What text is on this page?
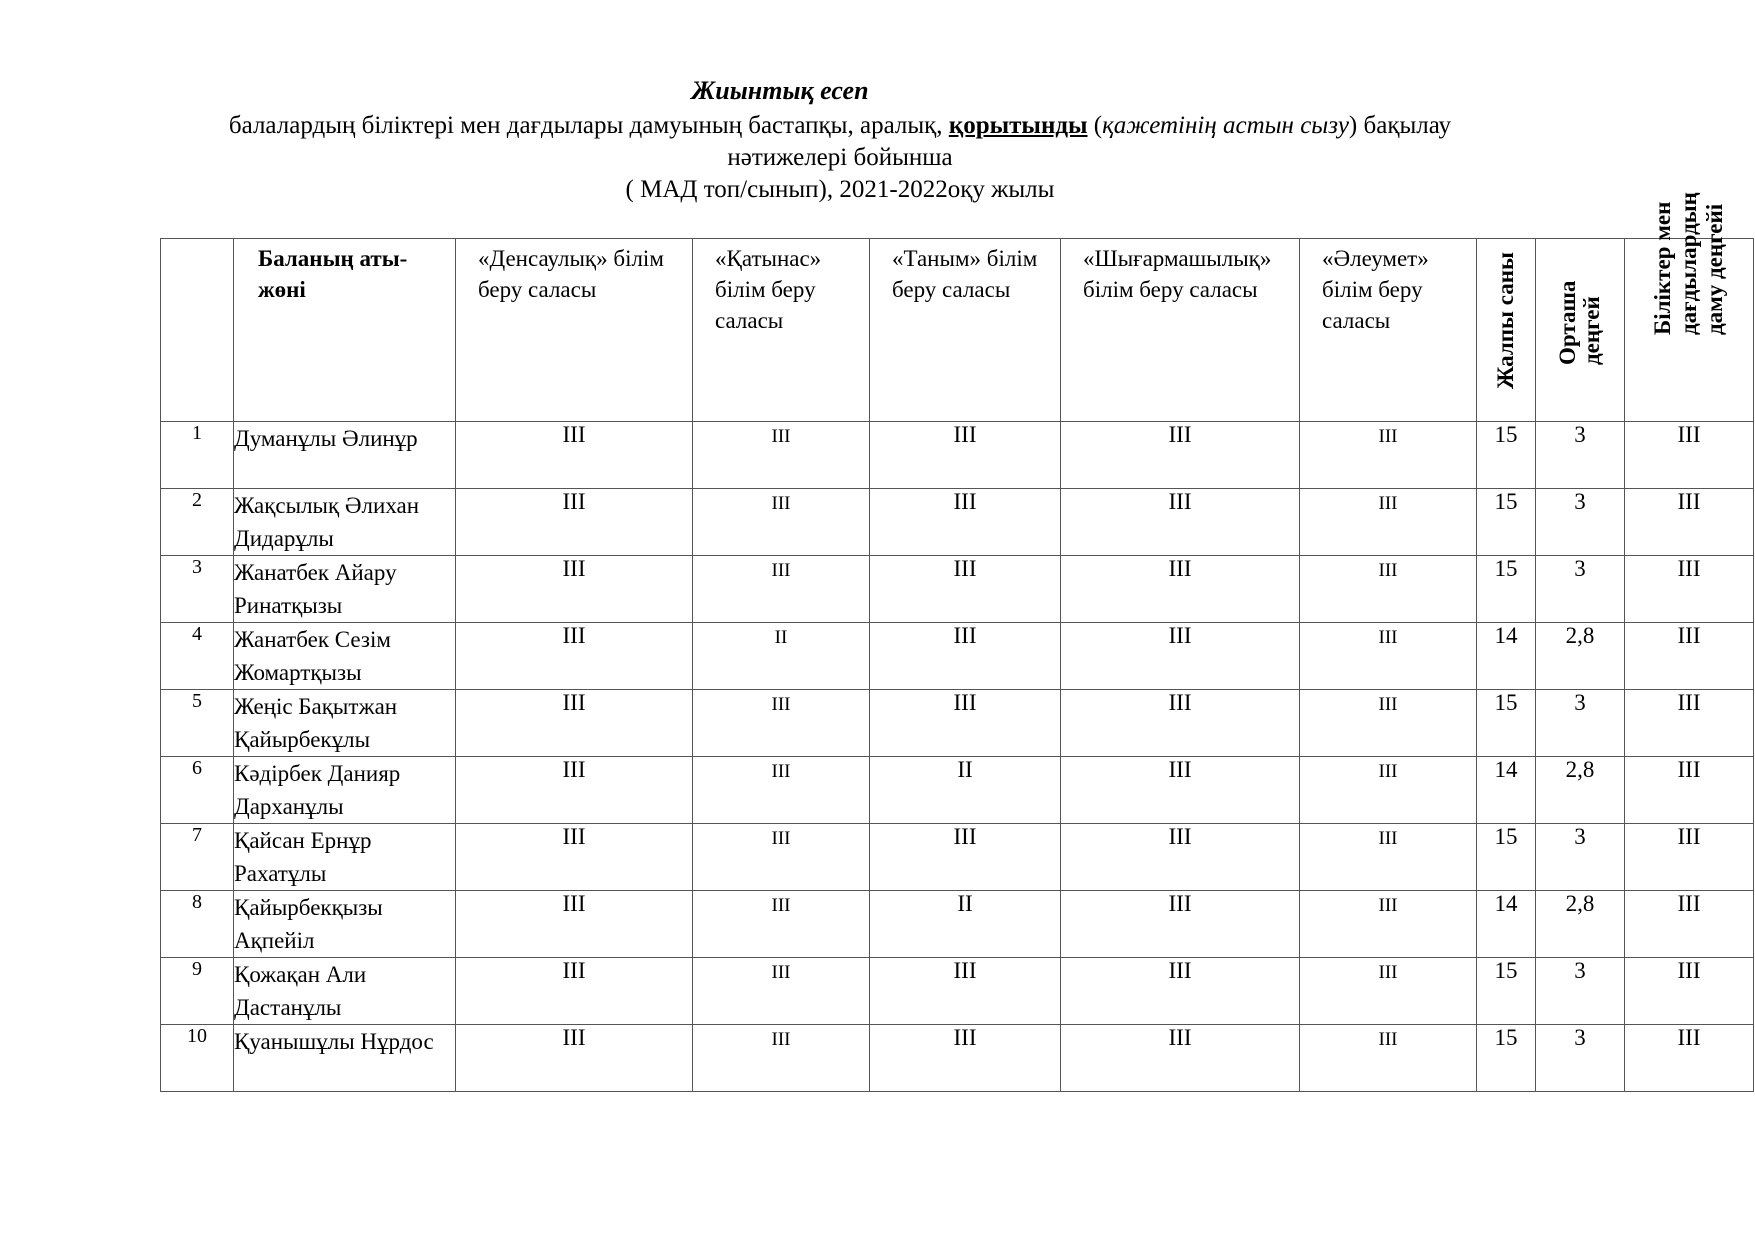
Жиынтық есеп
балалардың біліктері мен дағдылары дамуының бастапқы, аралық, қорытынды (қажетінің астын сызу) бақылау нәтижелері бойынша
( МАД топ/сынып), 2021-2022оқу жылы

	Баланың аты- жөні	«Денсаулық» білім беру саласы	«Қатынас» білім беру саласы	«Таным» білім беру саласы	«Шығармашылық» білім беру саласы	«Әлеумет» білім беру саласы	Жалпы саны	Орташа деңгей	Біліктер мен дағдылардың даму деңгейі

1	Думанұлы Әлинұр	III	III	III	III	III	15	3	III
2	Жақсылық Әлихан Дидарұлы	III	III	III	III	III	15	3	III
3	Жанатбек Айару Ринатқызы	III	III	III	III	III	15	3	III
4	Жанатбек Сезім Жомартқызы	III	II	III	III	III	14	2,8	III
5	Жеңіс Бақытжан Қайырбекұлы	III	III	III	III	III	15	3	III
6	Кәдірбек Данияр Дарханұлы	III	III	II	III	III	14	2,8	III
7	Қайсан Ернұр Рахатұлы	III	III	III	III	III	15	3	III
8	Қайырбекқызы Ақпейіл	III	III	II	III	III	14	2,8	III
9	Қожақан Али Дастанұлы	III	III	III	III	III	15	3	III
10	Қуанышұлы Нұрдос	III	III	III	III	III	15	3	III
